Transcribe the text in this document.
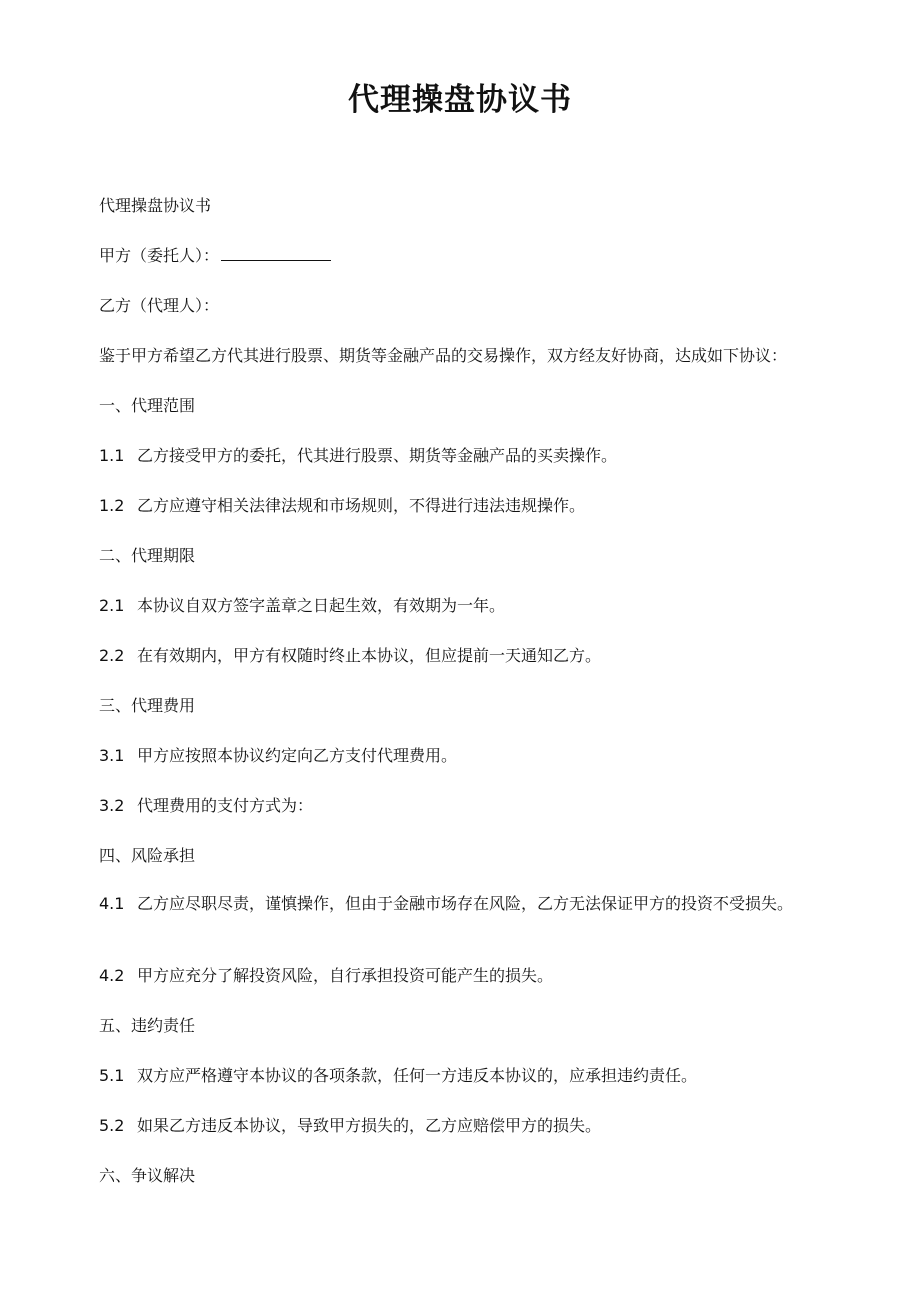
代理操盘协议书
代理操盘协议书
甲方（委托人）：
乙方（代理人）：
鉴于甲方希望乙方代其进行股票、期货等金融产品的交易操作，双方经友好协商，达成如下协议：
一、代理范围
1.1 乙方接受甲方的委托，代其进行股票、期货等金融产品的买卖操作。
1.2 乙方应遵守相关法律法规和市场规则，不得进行违法违规操作。
二、代理期限
2.1 本协议自双方签字盖章之日起生效，有效期为一年。
2.2 在有效期内，甲方有权随时终止本协议，但应提前一天通知乙方。
三、代理费用
3.1 甲方应按照本协议约定向乙方支付代理费用。
3.2 代理费用的支付方式为：
四、风险承担
4.1 乙方应尽职尽责，谨慎操作，但由于金融市场存在风险，乙方无法保证甲方的投资不受损失。
4.2 甲方应充分了解投资风险，自行承担投资可能产生的损失。
五、违约责任
5.1 双方应严格遵守本协议的各项条款，任何一方违反本协议的，应承担违约责任。
5.2 如果乙方违反本协议，导致甲方损失的，乙方应赔偿甲方的损失。
六、争议解决
